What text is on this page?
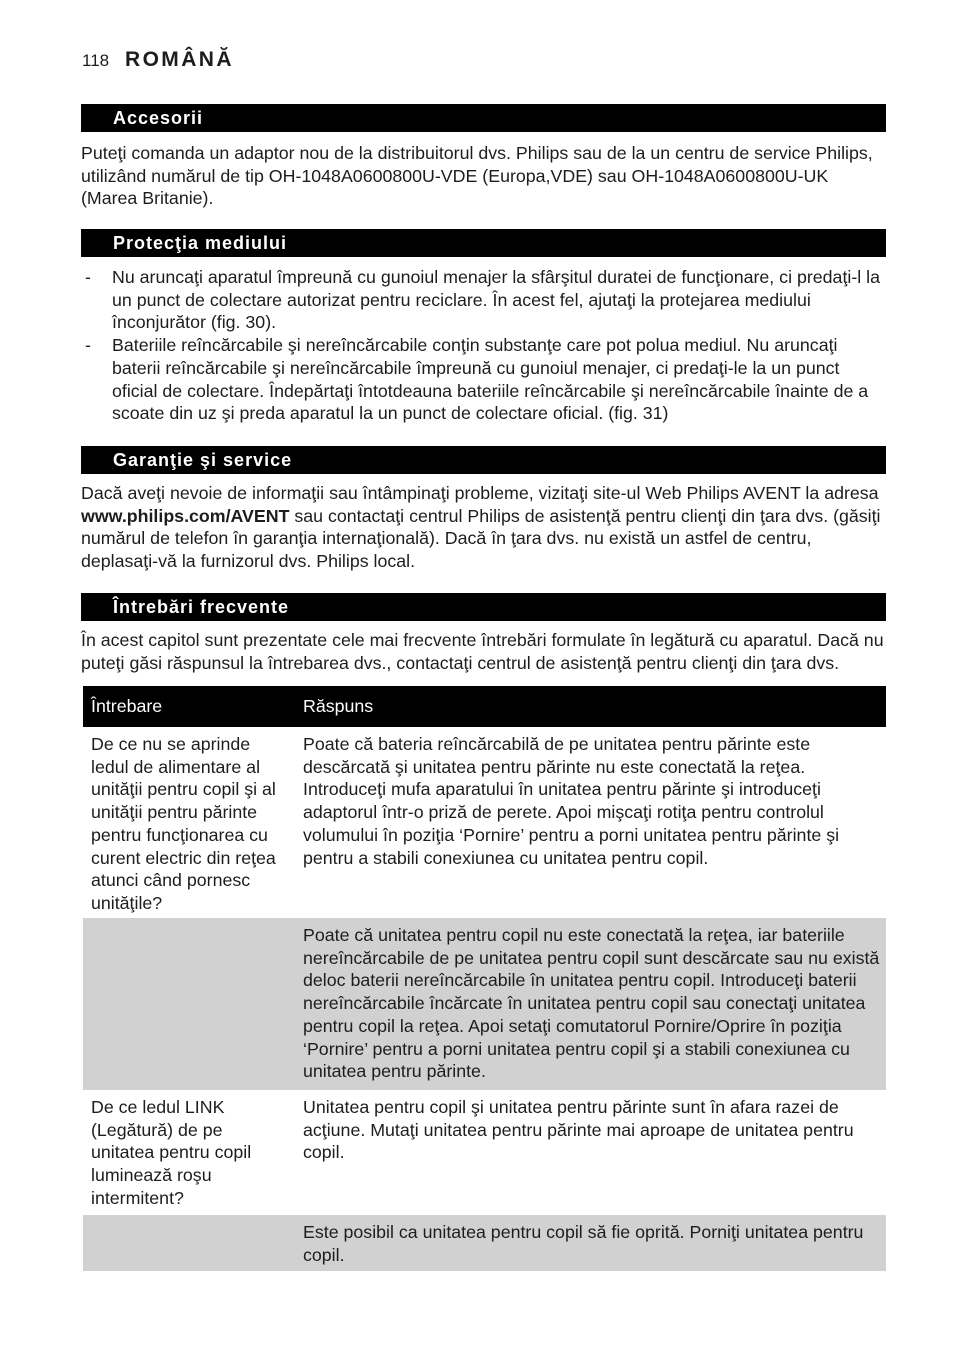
118 ROMÂNĂ
Accesorii

Puteţi comanda un adaptor nou de la distribuitorul dvs. Philips sau de la un centru de service Philips, utilizând numărul de tip OH-1048A0600800U-VDE (Europa,VDE) sau OH-1048A0600800U-UK (Marea Britanie).

Protecţia mediului
- Nu aruncaţi aparatul împreună cu gunoiul menajer la sfârşitul duratei de funcţionare, ci predaţi-l la un punct de colectare autorizat pentru reciclare. În acest fel, ajutaţi la protejarea mediului înconjurător (fig. 30).
- Bateriile reîncărcabile şi nereîncărcabile conţin substanţe care pot polua mediul. Nu aruncaţi baterii reîncărcabile şi nereîncărcabile împreună cu gunoiul menajer, ci predaţi-le la un punct oficial de colectare. Îndepărtaţi întotdeauna bateriile reîncărcabile şi nereîncărcabile înainte de a scoate din uz şi preda aparatul la un punct de colectare oficial. (fig. 31)
Garanţie şi service

Dacă aveţi nevoie de informaţii sau întâmpinaţi probleme, vizitaţi site-ul Web Philips AVENT la adresa www.philips.com/AVENT sau contactaţi centrul Philips de asistenţă pentru clienţi din ţara dvs. (găsiţi numărul de telefon în garanţia internaţională). Dacă în ţara dvs. nu există un astfel de centru, deplasaţi-vă la furnizorul dvs. Philips local.

Întrebări frecvente

În acest capitol sunt prezentate cele mai frecvente întrebări formulate în legătură cu aparatul. Dacă nu puteţi găsi răspunsul la întrebarea dvs., contactaţi centrul de asistenţă pentru clienţi din ţara dvs.

Întrebare	Răspuns
De ce nu se aprinde ledul de alimentare al unităţii pentru copil şi al unităţii pentru părinte pentru funcţionarea cu curent electric din reţea atunci când pornesc unităţile?
Poate că bateria reîncărcabilă de pe unitatea pentru părinte este descărcată şi unitatea pentru părinte nu este conectată la reţea. Introduceţi mufa aparatului în unitatea pentru părinte şi introduceţi adaptorul într-o priză de perete. Apoi mişcaţi rotiţa pentru controlul volumului în poziţia ‘Pornire’ pentru a porni unitatea pentru părinte şi pentru a stabili conexiunea cu unitatea pentru copil.
Poate că unitatea pentru copil nu este conectată la reţea, iar bateriile nereîncărcabile de pe unitatea pentru copil sunt descărcate sau nu există deloc baterii nereîncărcabile în unitatea pentru copil. Introduceţi baterii nereîncărcabile încărcate în unitatea pentru copil sau conectaţi unitatea pentru copil la reţea. Apoi setaţi comutatorul Pornire/Oprire în poziţia ‘Pornire’ pentru a porni unitatea pentru copil şi a stabili conexiunea cu unitatea pentru părinte.
De ce ledul LINK (Legătură) de pe unitatea pentru copil luminează roşu intermitent?
Unitatea pentru copil şi unitatea pentru părinte sunt în afara razei de acţiune. Mutaţi unitatea pentru părinte mai aproape de unitatea pentru copil.
Este posibil ca unitatea pentru copil să fie oprită. Porniţi unitatea pentru copil.
